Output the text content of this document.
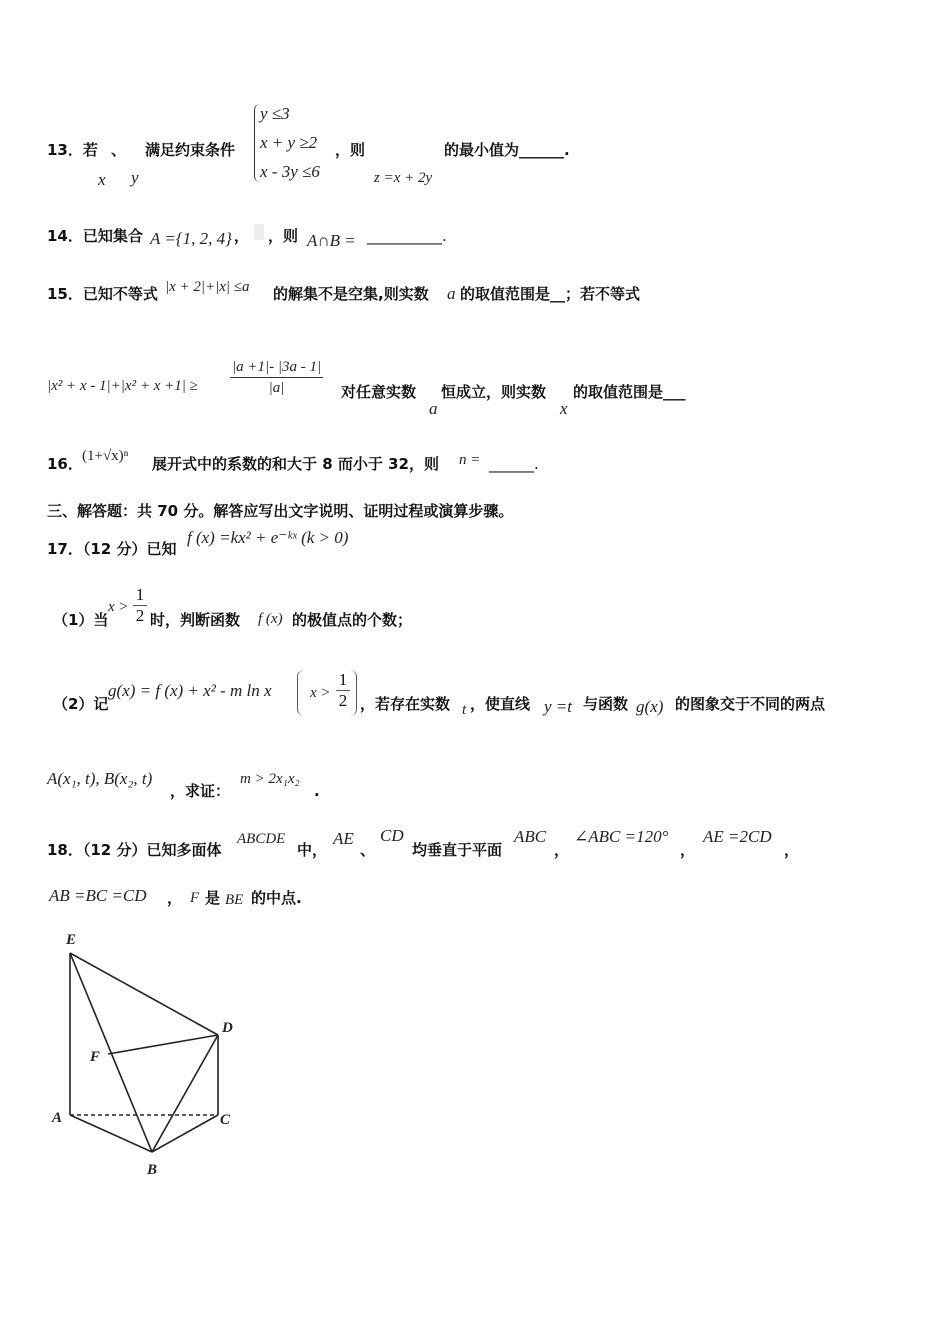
13．若 、 满足约束条件
x y
y ≤3
x + y ≥2
x - 3y ≤6
，则
z =x + 2y
的最小值为______.
14．已知集合 A ={1, 2, 4} ， ，则 A∩B = __________.
15．已知不等式 |x + 2|+|x| ≤a 的解集不是空集,则实数 a 的取值范围是__；若不等式
$|x^2 + x - 1|+|x^2 + x +1| \ge \frac{|a +1|- |3a - 1|}{|a|}$ 对任意实数
a
恒成立，则实数
x
的取值范围是___
16． (1+√x)ⁿ 展开式中的系数的和大于 8 而小于 32，则 n = ______.
三、解答题：共 70 分。解答应写出文字说明、证明过程或演算步骤。
17．（12 分）已知
f (x) =kx² + e⁻ᵏˣ (k > 0)
（1）当
$x > \frac{1}{2}$ 时，判断函数 f (x) 的极值点的个数；
（2）记
g(x) = f (x) + x² - m ln x	$x > \frac{1}{2}$ ，若存在实数 t ，使直线 y =t 与函数 g(x) 的图象交于不同的两点
A(x₁, t), B(x₂, t)
，求证：
m > 2x₁x₂
.
18．（12 分）已知多面体
ABCDE
中，
AE
、
CD
均垂直于平面
ABC
，
∠ABC =120°
，
AE =2CD
，
AB =BC =CD ， F 是 BE 的中点.
E
D
F
A	C
B
